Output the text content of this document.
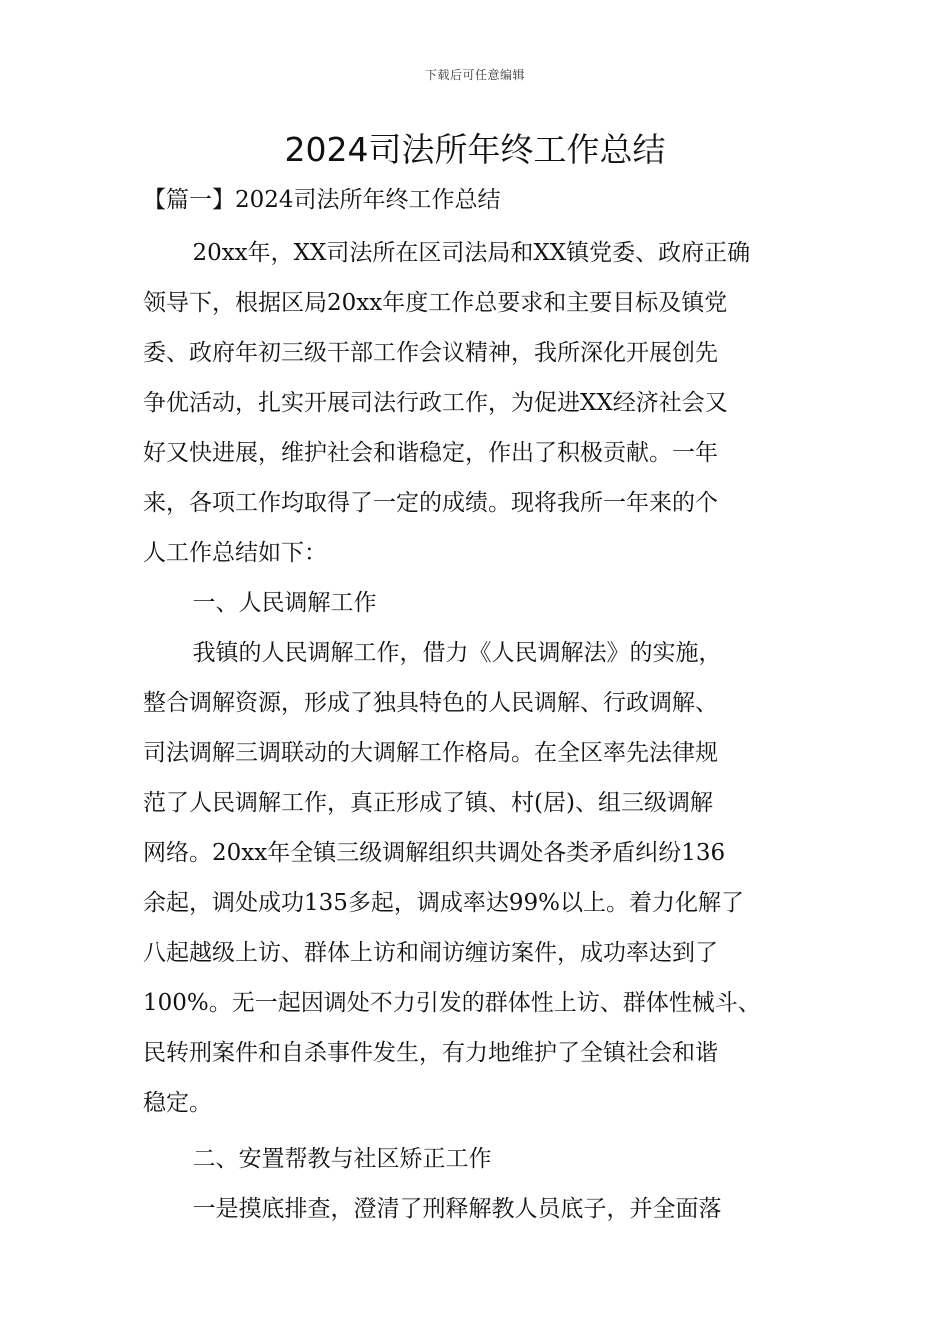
下载后可任意编辑
2024司法所年终工作总结
【篇一】2024司法所年终工作总结
20xx年，XX司法所在区司法局和XX镇党委、政府正确
领导下，根据区局20xx年度工作总要求和主要目标及镇党
委、政府年初三级干部工作会议精神，我所深化开展创先
争优活动，扎实开展司法行政工作，为促进XX经济社会又
好又快进展，维护社会和谐稳定，作出了积极贡献。一年
来，各项工作均取得了一定的成绩。现将我所一年来的个
人工作总结如下：
一、人民调解工作
我镇的人民调解工作，借力《人民调解法》的实施，
整合调解资源，形成了独具特色的人民调解、行政调解、
司法调解三调联动的大调解工作格局。在全区率先法律规
范了人民调解工作，真正形成了镇、村(居)、组三级调解
网络。20xx年全镇三级调解组织共调处各类矛盾纠纷136
余起，调处成功135多起，调成率达99%以上。着力化解了
八起越级上访、群体上访和闹访缠访案件，成功率达到了
100%。无一起因调处不力引发的群体性上访、群体性械斗、
民转刑案件和自杀事件发生，有力地维护了全镇社会和谐
稳定。
二、安置帮教与社区矫正工作
一是摸底排查，澄清了刑释解教人员底子，并全面落
